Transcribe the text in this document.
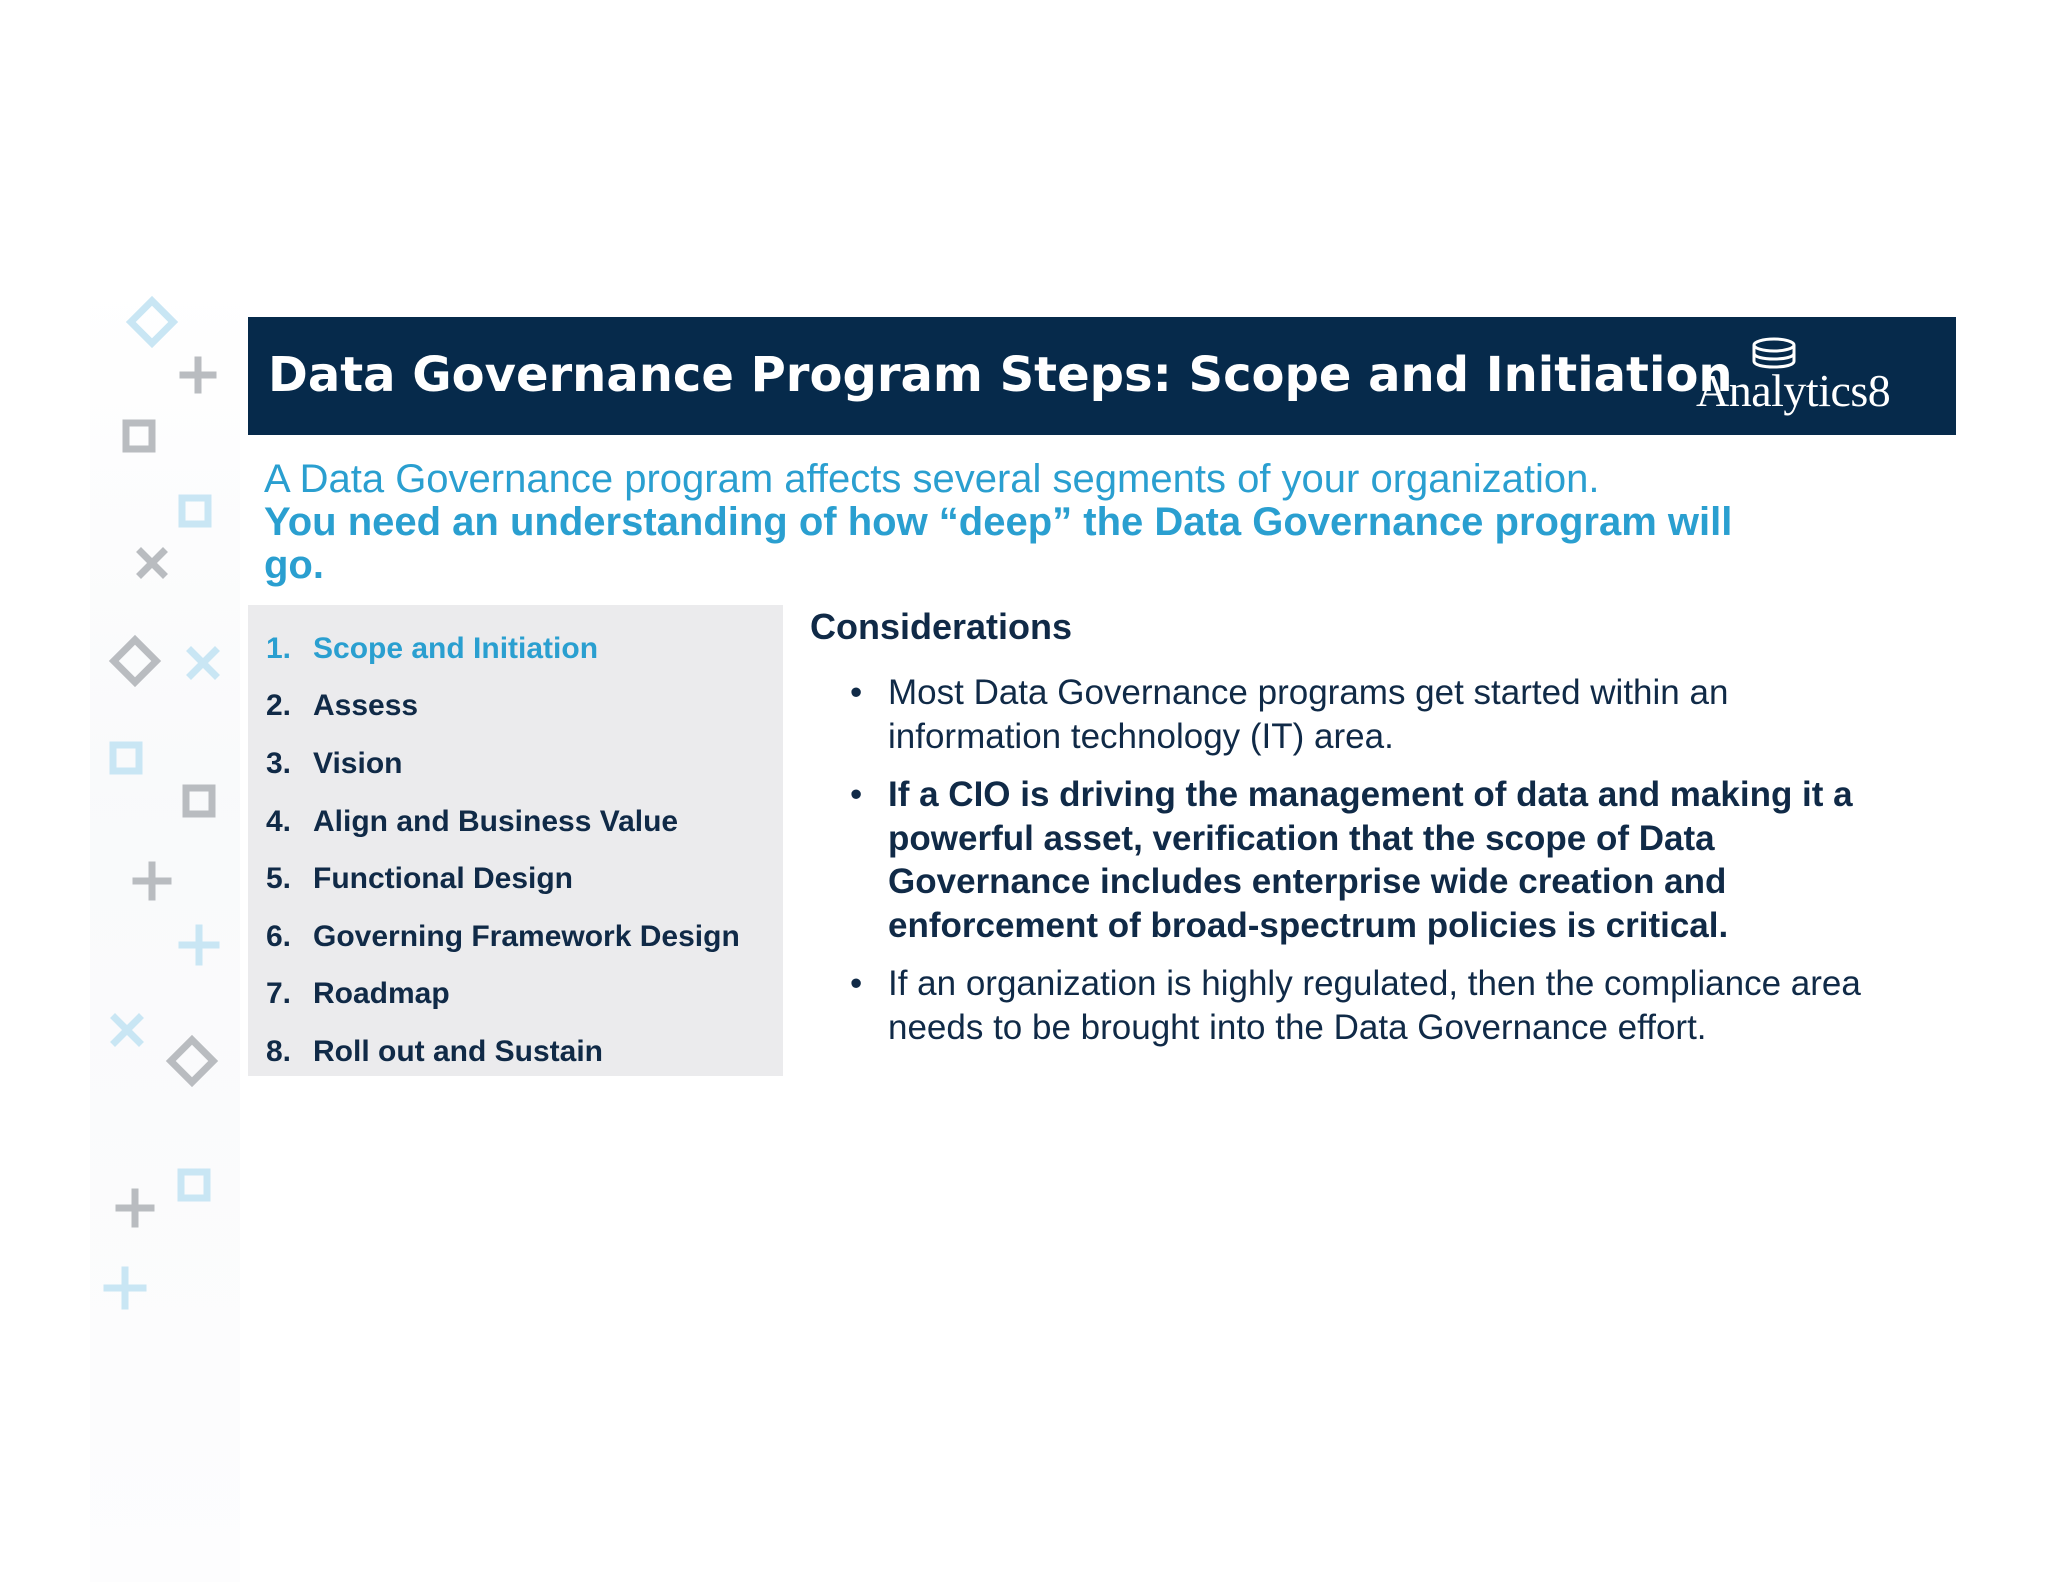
Data Governance Program Steps: Scope and Initiation

Analytics8

A Data Governance program affects several segments of your organization.
You need an understanding of how “deep” the Data Governance program will go.

1. Scope and Initiation
2. Assess
3. Vision
4. Align and Business Value
5. Functional Design
6. Governing Framework Design
7. Roadmap
8. Roll out and Sustain
Considerations
• Most Data Governance programs get started within an information technology (IT) area.
• If a CIO is driving the management of data and making it a powerful asset, verification that the scope of Data Governance includes enterprise wide creation and enforcement of broad-spectrum policies is critical.
• If an organization is highly regulated, then the compliance area needs to be brought into the Data Governance effort.
